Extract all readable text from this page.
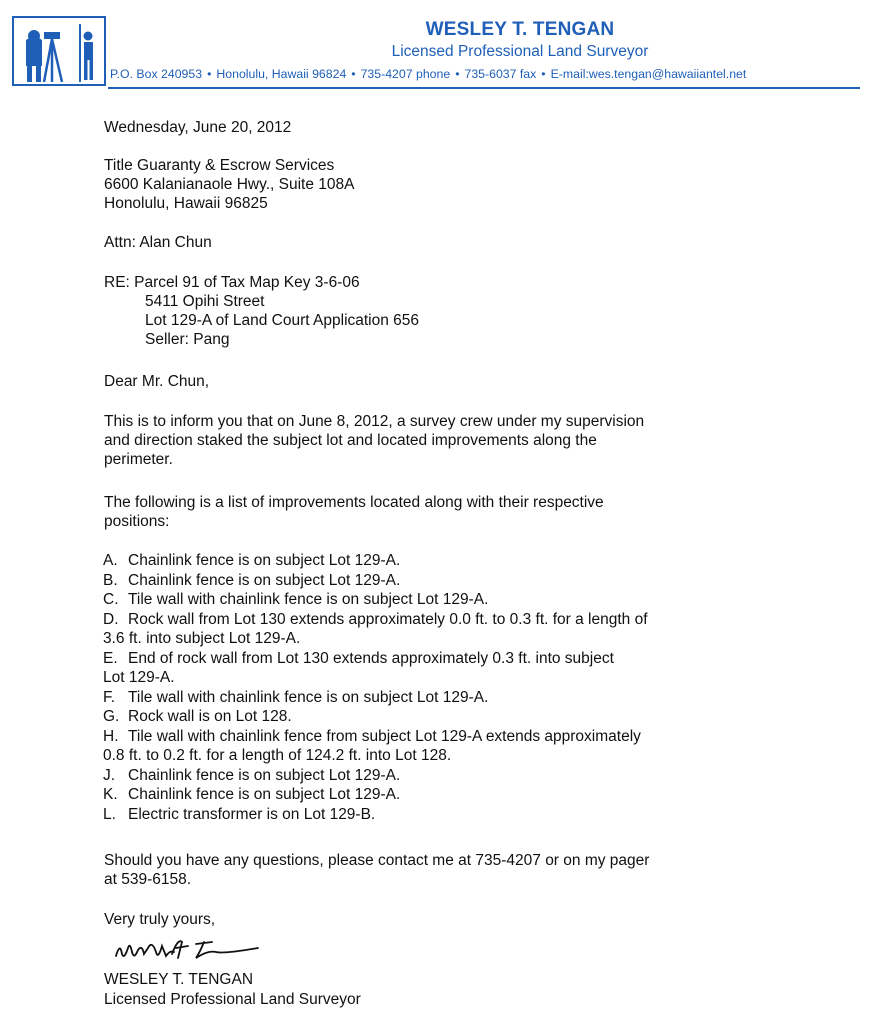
WESLEY T. TENGAN
Licensed Professional Land Surveyor
P.O. Box 240953 • Honolulu, Hawaii 96824 • 735-4207 phone • 735-6037 fax • E-mail:wes.tengan@hawaiiantel.net
Wednesday, June 20, 2012
Title Guaranty & Escrow Services
6600 Kalanianaole Hwy., Suite 108A
Honolulu, Hawaii 96825
Attn: Alan Chun
RE: Parcel 91 of Tax Map Key 3-6-06
5411 Opihi Street
Lot 129-A of Land Court Application 656
Seller: Pang
Dear Mr. Chun,
This is to inform you that on June 8, 2012, a survey crew under my supervision
and direction staked the subject lot and located improvements along the
perimeter.
The following is a list of improvements located along with their respective
positions:
A. Chainlink fence is on subject Lot 129-A.
B. Chainlink fence is on subject Lot 129-A.
C. Tile wall with chainlink fence is on subject Lot 129-A.
D. Rock wall from Lot 130 extends approximately 0.0 ft. to 0.3 ft. for a length of
3.6 ft. into subject Lot 129-A.
E. End of rock wall from Lot 130 extends approximately 0.3 ft. into subject
Lot 129-A.
F. Tile wall with chainlink fence is on subject Lot 129-A.
G. Rock wall is on Lot 128.
H. Tile wall with chainlink fence from subject Lot 129-A extends approximately
0.8 ft. to 0.2 ft. for a length of 124.2 ft. into Lot 128.
J. Chainlink fence is on subject Lot 129-A.
K. Chainlink fence is on subject Lot 129-A.
L. Electric transformer is on Lot 129-B.
Should you have any questions, please contact me at 735-4207 or on my pager
at 539-6158.
Very truly yours,
WESLEY T. TENGAN
Licensed Professional Land Surveyor
